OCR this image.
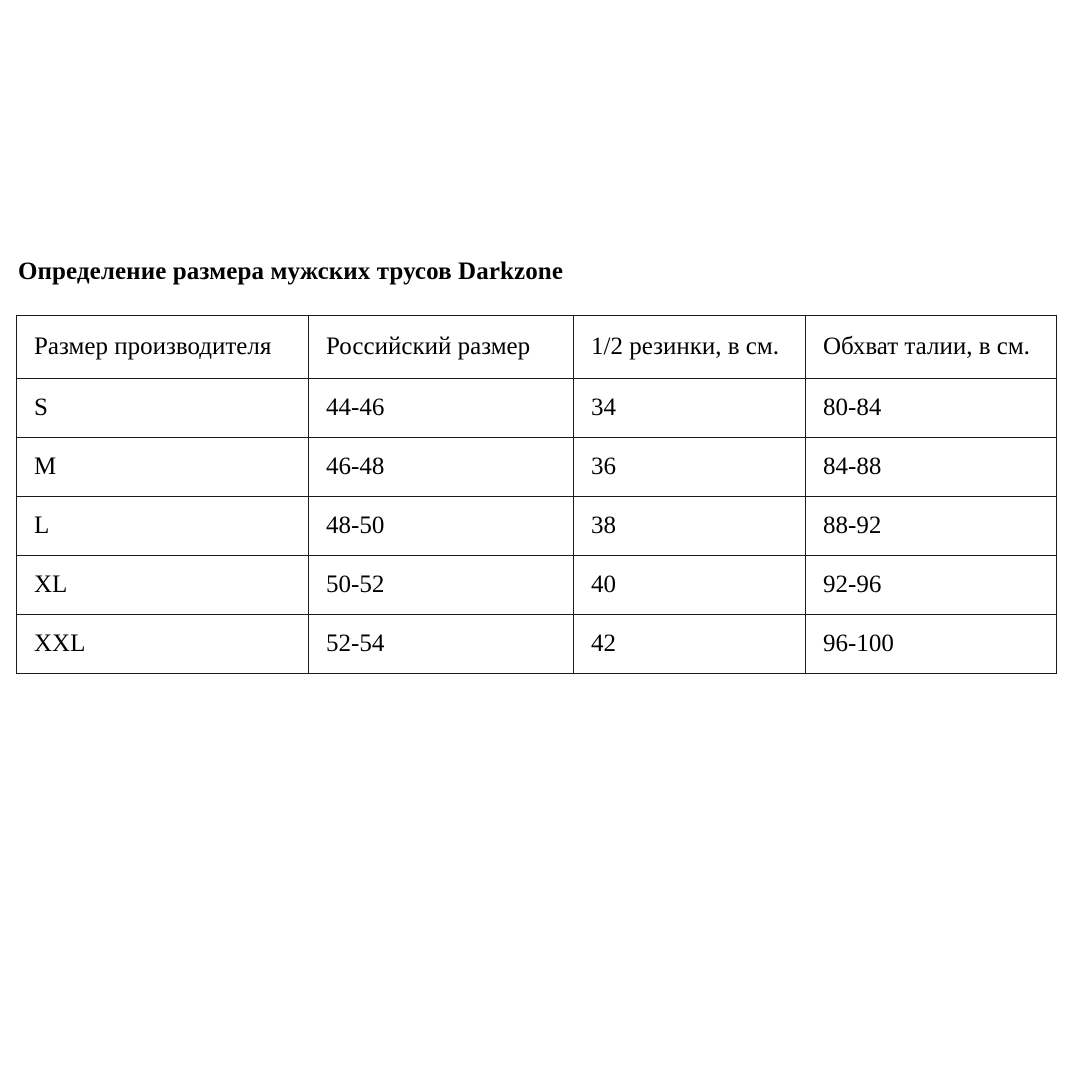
Определение размера мужских трусов Darkzone
Размер производителя	Российский размер	1/2 резинки, в см.	Обхват талии, в см.
S	44-46	34	80-84
M	46-48	36	84-88
L	48-50	38	88-92
XL	50-52	40	92-96
XXL	52-54	42	96-100
